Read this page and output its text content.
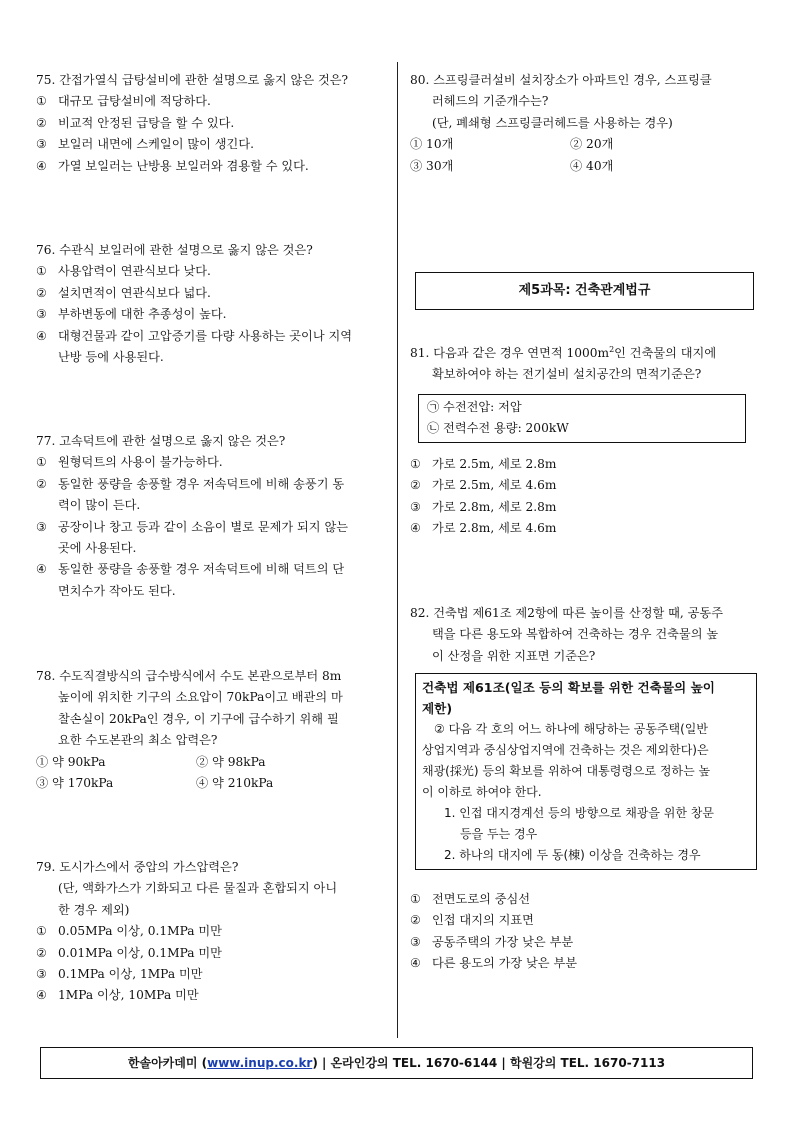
75. 간접가열식 급탕설비에 관한 설명으로 옳지 않은 것은?
① 대규모 급탕설비에 적당하다.
② 비교적 안정된 급탕을 할 수 있다.
③ 보일러 내면에 스케일이 많이 생긴다.
④ 가열 보일러는 난방용 보일러와 겸용할 수 있다.
76. 수관식 보일러에 관한 설명으로 옳지 않은 것은?
① 사용압력이 연관식보다 낮다.
② 설치면적이 연관식보다 넓다.
③ 부하변동에 대한 추종성이 높다.
④ 대형건물과 같이 고압증기를 다량 사용하는 곳이나 지역
난방 등에 사용된다.
77. 고속덕트에 관한 설명으로 옳지 않은 것은?
① 원형덕트의 사용이 불가능하다.
② 동일한 풍량을 송풍할 경우 저속덕트에 비해 송풍기 동
력이 많이 든다.
③ 공장이나 창고 등과 같이 소음이 별로 문제가 되지 않는
곳에 사용된다.
④ 동일한 풍량을 송풍할 경우 저속덕트에 비해 덕트의 단
면치수가 작아도 된다.
78. 수도직결방식의 급수방식에서 수도 본관으로부터 8m
높이에 위치한 기구의 소요압이 70kPa이고 배관의 마
찰손실이 20kPa인 경우, 이 기구에 급수하기 위해 필
요한 수도본관의 최소 압력은?
① 약 90kPa	② 약 98kPa
③ 약 170kPa	④ 약 210kPa
79. 도시가스에서 중압의 가스압력은?
(단, 액화가스가 기화되고 다른 물질과 혼합되지 아니
한 경우 제외)
① 0.05MPa 이상, 0.1MPa 미만
② 0.01MPa 이상, 0.1MPa 미만
③ 0.1MPa 이상, 1MPa 미만
④ 1MPa 이상, 10MPa 미만
80. 스프링클러설비 설치장소가 아파트인 경우, 스프링클
러헤드의 기준개수는?
(단, 폐쇄형 스프링클러헤드를 사용하는 경우)
① 10개	② 20개
③ 30개	④ 40개
제5과목: 건축관계법규
81. 다음과 같은 경우 연면적 $1000m^2$인 건축물의 대지에
확보하여야 하는 전기설비 설치공간의 면적기준은?
㉠ 수전전압: 저압
㉡ 전력수전 용량: 200kW
① 가로 2.5m, 세로 2.8m
② 가로 2.5m, 세로 4.6m
③ 가로 2.8m, 세로 2.8m
④ 가로 2.8m, 세로 4.6m
82. 건축법 제61조 제2항에 따른 높이를 산정할 때, 공동주
택을 다른 용도와 복합하여 건축하는 경우 건축물의 높
이 산정을 위한 지표면 기준은?
건축법 제61조(일조 등의 확보를 위한 건축물의 높이
제한)
② 다음 각 호의 어느 하나에 해당하는 공동주택(일반
상업지역과 중심상업지역에 건축하는 것은 제외한다)은
채광(採光) 등의 확보를 위하여 대통령령으로 정하는 높
이 이하로 하여야 한다.
1. 인접 대지경계선 등의 방향으로 채광을 위한 창문
등을 두는 경우
2. 하나의 대지에 두 동(棟) 이상을 건축하는 경우
① 전면도로의 중심선
② 인접 대지의 지표면
③ 공동주택의 가장 낮은 부분
④ 다른 용도의 가장 낮은 부분
한솔아카데미 (www.inup.co.kr) | 온라인강의 TEL. 1670-6144 | 학원강의 TEL. 1670-7113
